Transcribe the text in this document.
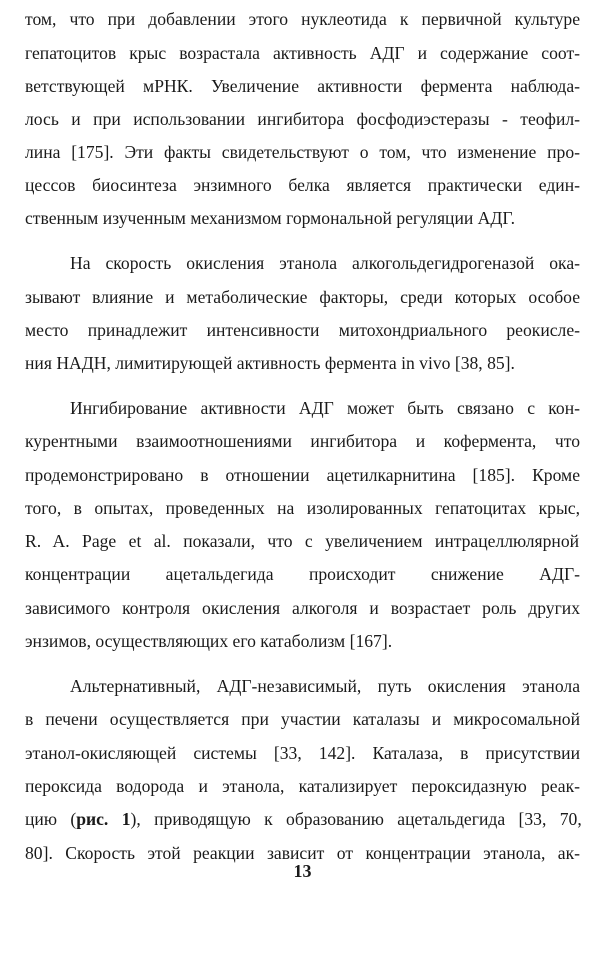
том, что при добавлении этого нуклеотида к первичной культуре
гепатоцитов крыс возрастала активность АДГ и содержание соот-
ветствующей мРНК. Увеличение активности фермента наблюда-
лось и при использовании ингибитора фосфодиэстеразы - теофил-
лина [175]. Эти факты свидетельствуют о том, что изменение про-
цессов биосинтеза энзимного белка является практически един-
ственным изученным механизмом гормональной регуляции АДГ.
На скорость окисления этанола алкогольдегидрогеназой ока-
зывают влияние и метаболические факторы, среди которых особое
место принадлежит интенсивности митохондриального реокисле-
ния НАДН, лимитирующей активность фермента in vivo [38, 85].
Ингибирование активности АДГ может быть связано с кон-
курентными взаимоотношениями ингибитора и кофермента, что
продемонстрировано в отношении ацетилкарнитина [185]. Кроме
того, в опытах, проведенных на изолированных гепатоцитах крыс,
R. A. Page et al. показали, что с увеличением интрацеллюлярной
концентрации ацетальдегида происходит снижение АДГ-
зависимого контроля окисления алкоголя и возрастает роль других
энзимов, осуществляющих его катаболизм [167].
Альтернативный, АДГ-независимый, путь окисления этанола
в печени осуществляется при участии каталазы и микросомальной
этанол-окисляющей системы [33, 142]. Каталаза, в присутствии
пероксида водорода и этанола, катализирует пероксидазную реак-
цию (рис. 1), приводящую к образованию ацетальдегида [33, 70,
80]. Скорость этой реакции зависит от концентрации этанола, ак-
13
